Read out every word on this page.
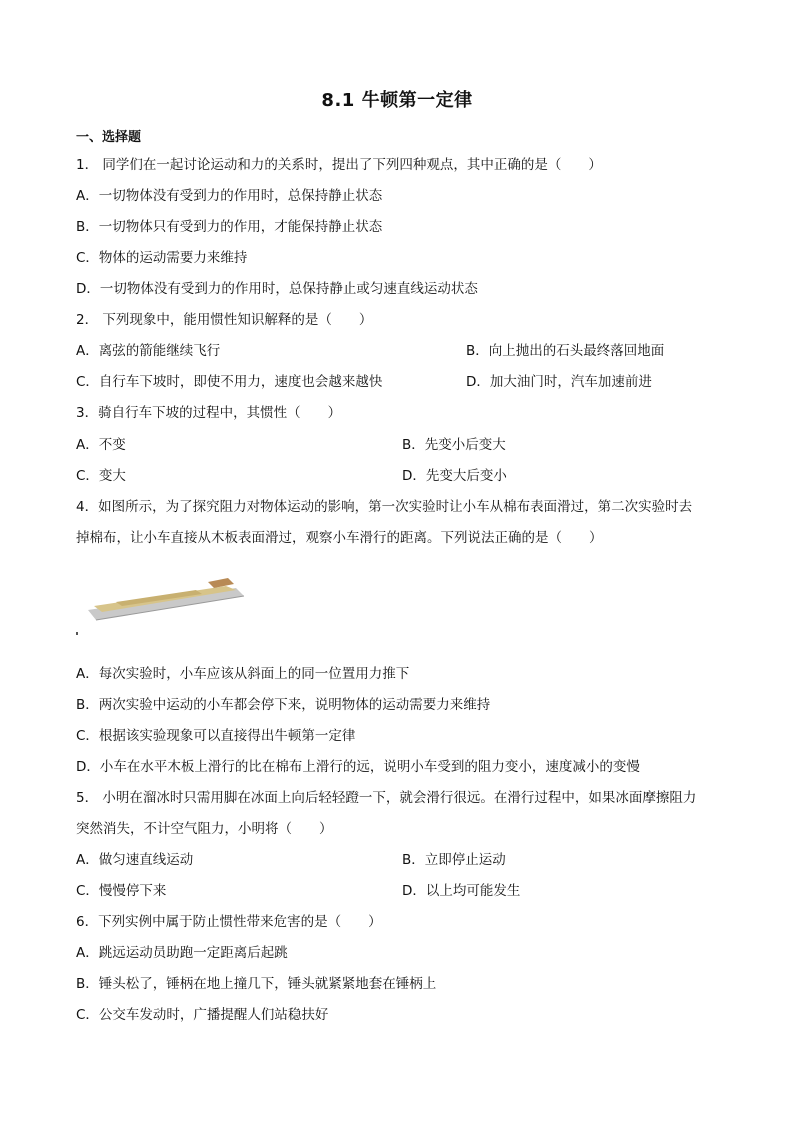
8.1 牛顿第一定律
一、选择题
1． 同学们在一起讨论运动和力的关系时，提出了下列四种观点，其中正确的是（　　）
A．一切物体没有受到力的作用时，总保持静止状态
B．一切物体只有受到力的作用，才能保持静止状态
C．物体的运动需要力来维持
D．一切物体没有受到力的作用时，总保持静止或匀速直线运动状态
2． 下列现象中，能用惯性知识解释的是（　　）
A．离弦的箭能继续飞行	B．向上抛出的石头最终落回地面
C．自行车下坡时，即使不用力，速度也会越来越快	D．加大油门时，汽车加速前进
3．骑自行车下坡的过程中，其惯性（　　）
A．不变	B．先变小后变大
C．变大	D．先变大后变小
4．如图所示，为了探究阻力对物体运动的影响，第一次实验时让小车从棉布表面滑过，第二次实验时去
掉棉布，让小车直接从木板表面滑过，观察小车滑行的距离。下列说法正确的是（　　）
A．每次实验时，小车应该从斜面上的同一位置用力推下
B．两次实验中运动的小车都会停下来，说明物体的运动需要力来维持
C．根据该实验现象可以直接得出牛顿第一定律
D．小车在水平木板上滑行的比在棉布上滑行的远，说明小车受到的阻力变小，速度减小的变慢
5． 小明在溜冰时只需用脚在冰面上向后轻轻蹬一下，就会滑行很远。在滑行过程中，如果冰面摩擦阻力
突然消失，不计空气阻力，小明将（　　）
A．做匀速直线运动	B．立即停止运动
C．慢慢停下来	D．以上均可能发生
6．下列实例中属于防止惯性带来危害的是（　　）
A．跳远运动员助跑一定距离后起跳
B．锤头松了，锤柄在地上撞几下，锤头就紧紧地套在锤柄上
C．公交车发动时，广播提醒人们站稳扶好
